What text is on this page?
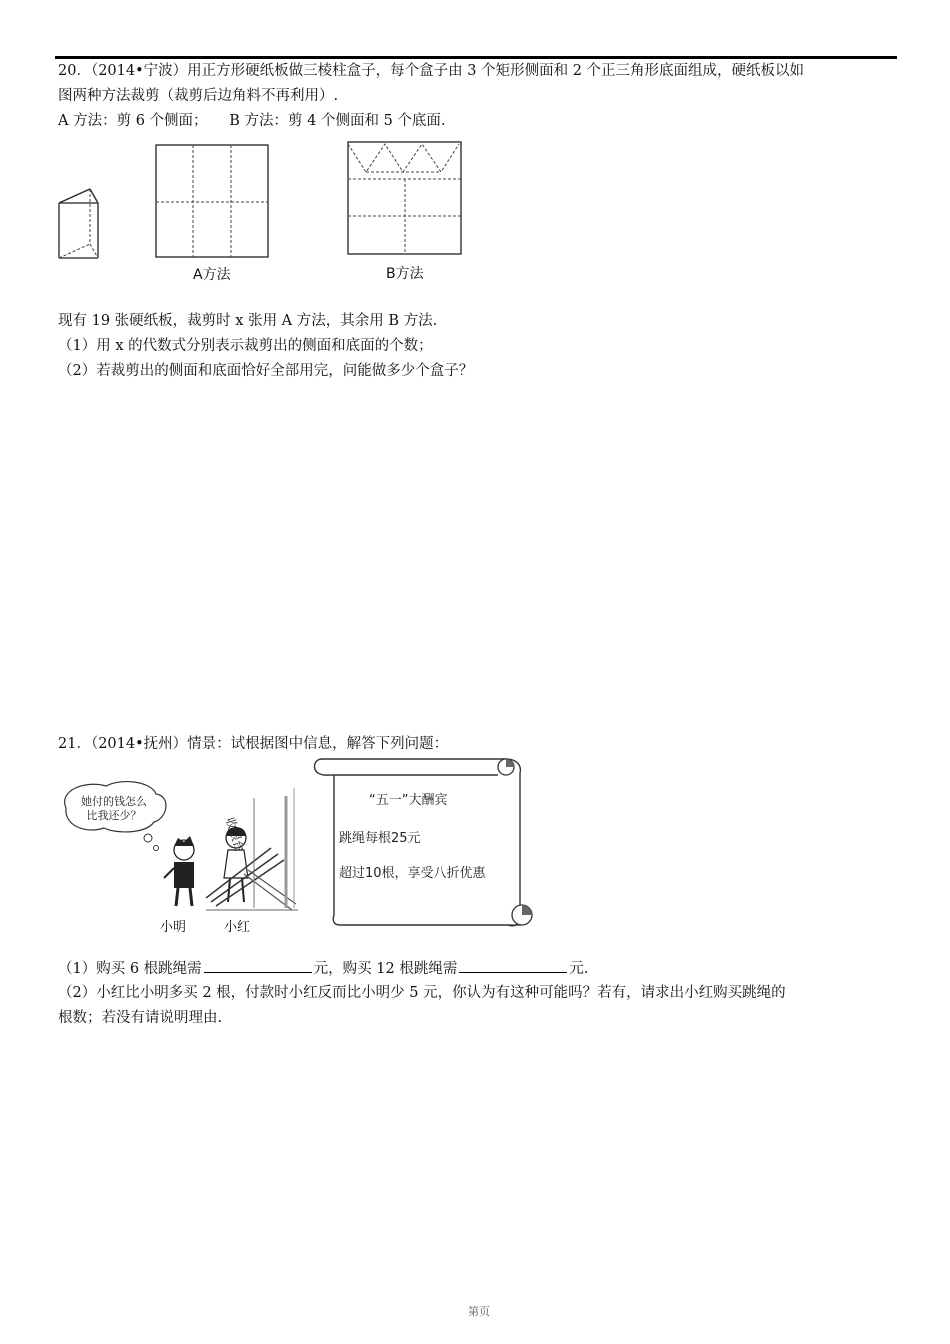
20．（2014•宁波）用正方形硬纸板做三棱柱盒子，每个盒子由 3 个矩形侧面和 2 个正三角形底面组成，硬纸板以如
图两种方法裁剪（裁剪后边角料不再利用）.
A 方法：剪 6 个侧面；　　B 方法：剪 4 个侧面和 5 个底面.
A方法	B方法
现有 19 张硬纸板，裁剪时 x 张用 A 方法，其余用 B 方法.
（1）用 x 的代数式分别表示裁剪出的侧面和底面的个数；
（2）若裁剪出的侧面和底面恰好全部用完，问能做多少个盒子？
21．（2014•抚州）情景：试根据图中信息，解答下列问题：
她付的钱怎么
比我还少？
收银台
小明	小红
“五一”大酬宾
跳绳每根25元
超过10根，享受八折优惠
（1）购买 6 根跳绳需	元，购买 12 根跳绳需	元.
（2）小红比小明多买 2 根，付款时小红反而比小明少 5 元，你认为有这种可能吗？若有，请求出小红购买跳绳的
根数；若没有请说明理由.
第页
